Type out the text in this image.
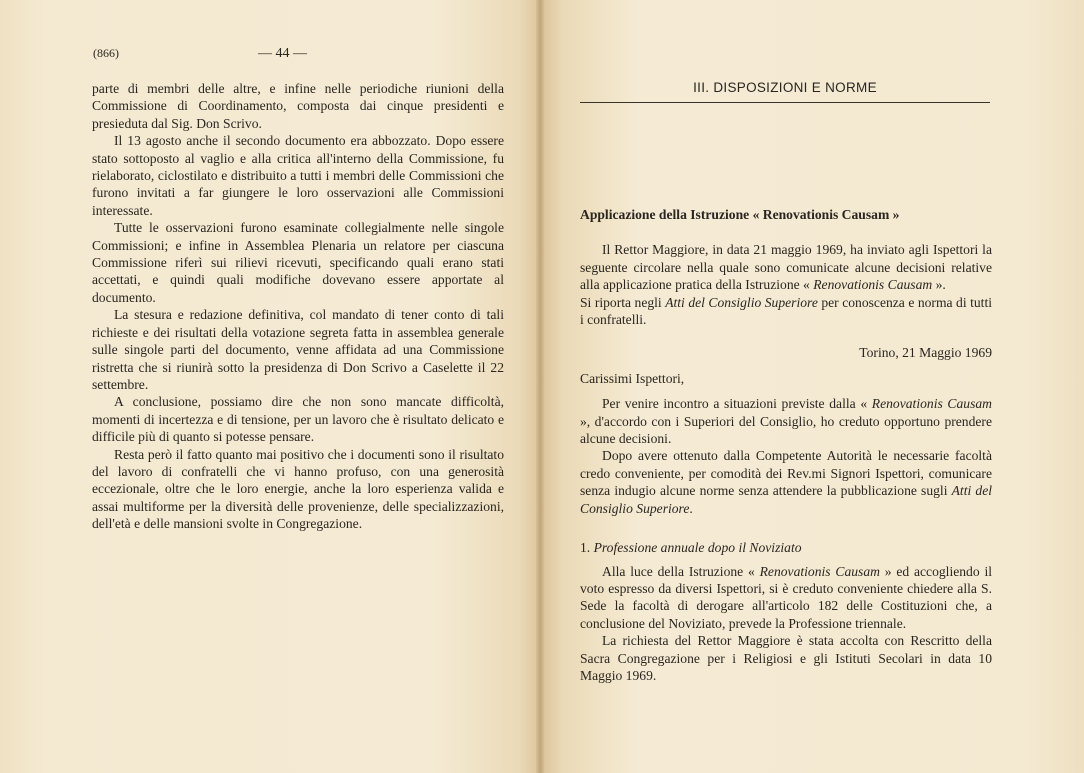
(866)	— 44 —

parte di membri delle altre, e infine nelle periodiche riunioni della Commissione di Coordinamento, composta dai cinque presidenti e presieduta dal Sig. Don Scrivo.

Il 13 agosto anche il secondo documento era abbozzato. Dopo essere stato sottoposto al vaglio e alla critica all'interno della Commissione, fu rielaborato, ciclostilato e distribuito a tutti i membri delle Commissioni che furono invitati a far giungere le loro osservazioni alle Commissioni interessate.

Tutte le osservazioni furono esaminate collegialmente nelle singole Commissioni; e infine in Assemblea Plenaria un relatore per ciascuna Commissione riferì sui rilievi ricevuti, specificando quali erano stati accettati, e quindi quali modifiche dovevano essere apportate al documento.

La stesura e redazione definitiva, col mandato di tener conto di tali richieste e dei risultati della votazione segreta fatta in assemblea generale sulle singole parti del documento, venne affidata ad una Commissione ristretta che si riunirà sotto la presidenza di Don Scrivo a Caselette il 22 settembre.

A conclusione, possiamo dire che non sono mancate difficoltà, momenti di incertezza e di tensione, per un lavoro che è risultato delicato e difficile più di quanto si potesse pensare.

Resta però il fatto quanto mai positivo che i documenti sono il risultato del lavoro di confratelli che vi hanno profuso, con una generosità eccezionale, oltre che le loro energie, anche la loro esperienza valida e assai multiforme per la diversità delle provenienze, delle specializzazioni, dell'età e delle mansioni svolte in Congregazione.

III. DISPOSIZIONI E NORME

Applicazione della Istruzione « Renovationis Causam »

Il Rettor Maggiore, in data 21 maggio 1969, ha inviato agli Ispettori la seguente circolare nella quale sono comunicate alcune decisioni relative alla applicazione pratica della Istruzione « Renovationis Causam ».

Si riporta negli Atti del Consiglio Superiore per conoscenza e norma di tutti i confratelli.

Torino, 21 Maggio 1969

Carissimi Ispettori,

Per venire incontro a situazioni previste dalla « Renovationis Causam », d'accordo con i Superiori del Consiglio, ho creduto opportuno prendere alcune decisioni.

Dopo avere ottenuto dalla Competente Autorità le necessarie facoltà credo conveniente, per comodità dei Rev.mi Signori Ispettori, comunicare senza indugio alcune norme senza attendere la pubblicazione sugli Atti del Consiglio Superiore.

1. Professione annuale dopo il Noviziato

Alla luce della Istruzione « Renovationis Causam » ed accogliendo il voto espresso da diversi Ispettori, si è creduto conveniente chiedere alla S. Sede la facoltà di derogare all'articolo 182 delle Costituzioni che, a conclusione del Noviziato, prevede la Professione triennale.

La richiesta del Rettor Maggiore è stata accolta con Rescritto della Sacra Congregazione per i Religiosi e gli Istituti Secolari in data 10 Maggio 1969.
